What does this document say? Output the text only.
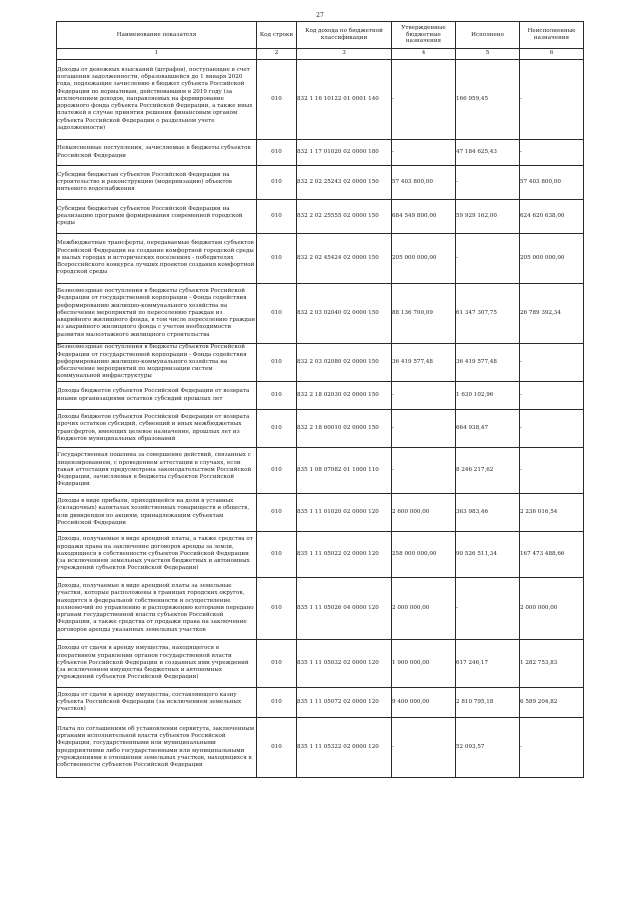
27
Наименование показателя	Код строки	Код дохода по бюджетной классификации	Утвержденные бюджетные назначения	Исполнено	Неисполненные назначения
1	2	3	4	5	6
Доходы от денежных взысканий (штрафов), поступающие в счет погашения задолженности, образовавшейся до 1 января 2020 года, подлежащие зачислению в бюджет субъекта Российской Федерации по нормативам, действовавшим в 2019 году (за исключением доходов, направляемых на формирование дорожного фонда субъекта Российской Федерации, а также иных платежей в случае принятия решения финансовым органом субъекта Российской Федерации о раздельном учете задолженности)	010	832 1 16 10122 01 0001 140	-	166 959,45	-
Невыясненные поступления, зачисляемые в бюджеты субъектов Российской Федерации	010	832 1 17 01020 02 0000 180	-	47 184 625,43	-
Субсидии бюджетам субъектов Российской Федерации на строительство и реконструкцию (модернизацию) объектов питьевого водоснабжения	010	832 2 02 25243 02 0000 150	57 403 800,00	-	57 403 800,00
Субсидии бюджетам субъектов Российской Федерации на реализацию программ формирования современной городской среды	010	832 2 02 25555 02 0000 150	684 549 800,00	59 929 162,00	624 620 638,00
Межбюджетные трансферты, передаваемые бюджетам субъектов Российской Федерации на создание комфортной городской среды в малых городах и исторических поселениях - победителях Всероссийского конкурса лучших проектов создания комфортной городской среды	010	832 2 02 45424 02 0000 150	205 000 000,00	-	205 000 000,00
Безвозмездные поступления в бюджеты субъектов Российской Федерации от государственной корпорации - Фонда содействия реформированию жилищно-коммунального хозяйства на обеспечение мероприятий по переселению граждан из аварийного жилищного фонда, в том числе переселению граждан из аварийного жилищного фонда с учетом необходимости развития малоэтажного жилищного строительства	010	832 2 03 02040 02 0000 150	88 136 700,09	61 347 307,75	26 789 392,34
Безвозмездные поступления в бюджеты субъектов Российской Федерации от государственной корпорации - Фонда содействия реформированию жилищно-коммунального хозяйства на обеспечение мероприятий по модернизации систем коммунальной инфраструктуры	010	832 2 03 02080 02 0000 150	36 419 577,48	36 419 577,48	-
Доходы бюджетов субъектов Российской Федерации от возврата иными организациями остатков субсидий прошлых лет	010	832 2 18 02030 02 0000 150	-	1 630 102,96	-
Доходы бюджетов субъектов Российской Федерации от возврата прочих остатков субсидий, субвенций и иных межбюджетных трансфертов, имеющих целевое назначение, прошлых лет из бюджетов муниципальных образований	010	832 2 18 60010 02 0000 150	-	664 938,47	-
Государственная пошлина за совершение действий, связанных с лицензированием, с проведением аттестации в случаях, если такая аттестация предусмотрена законодательством Российской Федерации, зачисляемая в бюджеты субъектов Российской Федерации	010	835 1 08 07082 01 1000 110	-	8 246 217,62	-
Доходы в виде прибыли, приходящейся на доли в уставных (складочных) капиталах хозяйственных товариществ и обществ, или дивидендов по акциям, принадлежащим субъектам Российской Федерации	010	835 1 11 01020 02 0000 120	2 600 000,00	363 983,46	2 236 016,54
Доходы, получаемые в виде арендной платы, а также средства от продажи права на заключение договоров аренды за земли, находящиеся в собственности субъектов Российской Федерации (за исключением земельных участков бюджетных и автономных учреждений субъектов Российской Федерации)	010	835 1 11 05022 02 0000 120	258 000 000,00	90 526 511,34	167 473 488,66
Доходы, получаемые в виде арендной платы за земельные участки, которые расположены в границах городских округов, находятся в федеральной собственности и осуществление полномочий по управлению и распоряжению которыми передано органам государственной власти субъектов Российской Федерации, а также средства от продажи права на заключение договоров аренды указанных земельных участков	010	835 1 11 05026 04 0000 120	2 000 000,00	-	2 000 000,00
Доходы от сдачи в аренду имущества, находящегося в оперативном управлении органов государственной власти субъектов Российской Федерации и созданных ими учреждений (за исключением имущества бюджетных и автономных учреждений субъектов Российской Федерации)	010	835 1 11 05032 02 0000 120	1 900 000,00	617 246,17	1 282 753,83
Доходы от сдачи в аренду имущества, составляющего казну субъекта Российской Федерации (за исключением земельных участков)	010	835 1 11 05072 02 0000 120	9 400 000,00	2 810 795,18	6 589 204,82
Плата по соглашениям об установлении сервитута, заключенным органами исполнительной власти субъектов Российской Федерации, государственными или муниципальными предприятиями либо государственными или муниципальными учреждениями в отношении земельных участков, находящихся в собственности субъектов Российской Федерации	010	835 1 11 05322 02 0000 120	-	52 093,57	-
